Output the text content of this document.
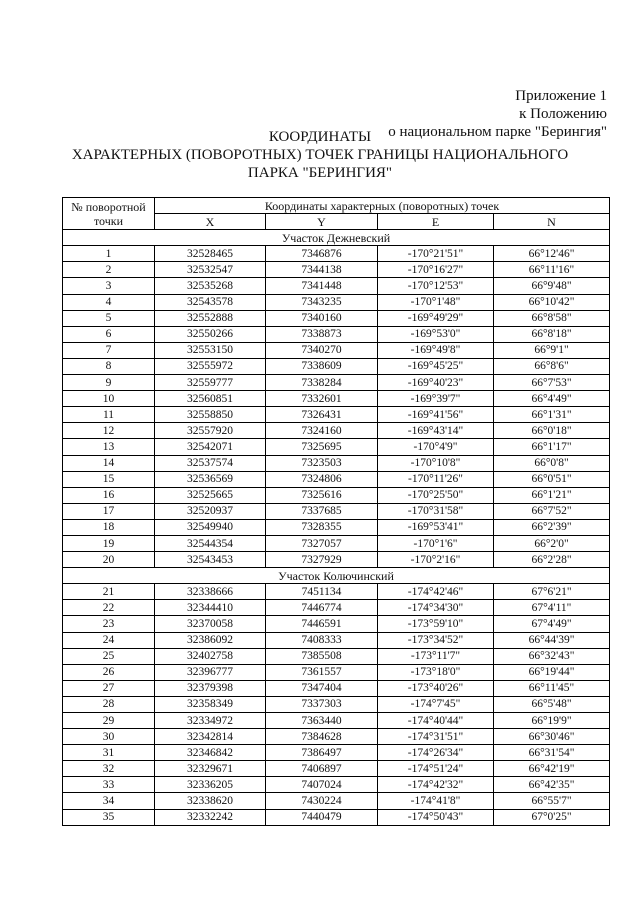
Приложение 1
к Положению
о национальном парке "Берингия"
КООРДИНАТЫ
ХАРАКТЕРНЫХ (ПОВОРОТНЫХ) ТОЧЕК ГРАНИЦЫ НАЦИОНАЛЬНОГО
ПАРКА "БЕРИНГИЯ"
№ поворотной
точки	Координаты характерных (поворотных) точек			
	X	Y	E	N
Участок Дежневский				
1	32528465	7346876	-170°21'51"	66°12'46"
2	32532547	7344138	-170°16'27"	66°11'16"
3	32535268	7341448	-170°12'53"	66°9'48"
4	32543578	7343235	-170°1'48"	66°10'42"
5	32552888	7340160	-169°49'29"	66°8'58"
6	32550266	7338873	-169°53'0"	66°8'18"
7	32553150	7340270	-169°49'8"	66°9'1"
8	32555972	7338609	-169°45'25"	66°8'6"
9	32559777	7338284	-169°40'23"	66°7'53"
10	32560851	7332601	-169°39'7"	66°4'49"
11	32558850	7326431	-169°41'56"	66°1'31"
12	32557920	7324160	-169°43'14"	66°0'18"
13	32542071	7325695	-170°4'9"	66°1'17"
14	32537574	7323503	-170°10'8"	66°0'8"
15	32536569	7324806	-170°11'26"	66°0'51"
16	32525665	7325616	-170°25'50"	66°1'21"
17	32520937	7337685	-170°31'58"	66°7'52"
18	32549940	7328355	-169°53'41"	66°2'39"
19	32544354	7327057	-170°1'6"	66°2'0"
20	32543453	7327929	-170°2'16"	66°2'28"
Участок Колючинский				
21	32338666	7451134	-174°42'46"	67°6'21"
22	32344410	7446774	-174°34'30"	67°4'11"
23	32370058	7446591	-173°59'10"	67°4'49"
24	32386092	7408333	-173°34'52"	66°44'39"
25	32402758	7385508	-173°11'7"	66°32'43"
26	32396777	7361557	-173°18'0"	66°19'44"
27	32379398	7347404	-173°40'26"	66°11'45"
28	32358349	7337303	-174°7'45"	66°5'48"
29	32334972	7363440	-174°40'44"	66°19'9"
30	32342814	7384628	-174°31'51"	66°30'46"
31	32346842	7386497	-174°26'34"	66°31'54"
32	32329671	7406897	-174°51'24"	66°42'19"
33	32336205	7407024	-174°42'32"	66°42'35"
34	32338620	7430224	-174°41'8"	66°55'7"
35	32332242	7440479	-174°50'43"	67°0'25"
